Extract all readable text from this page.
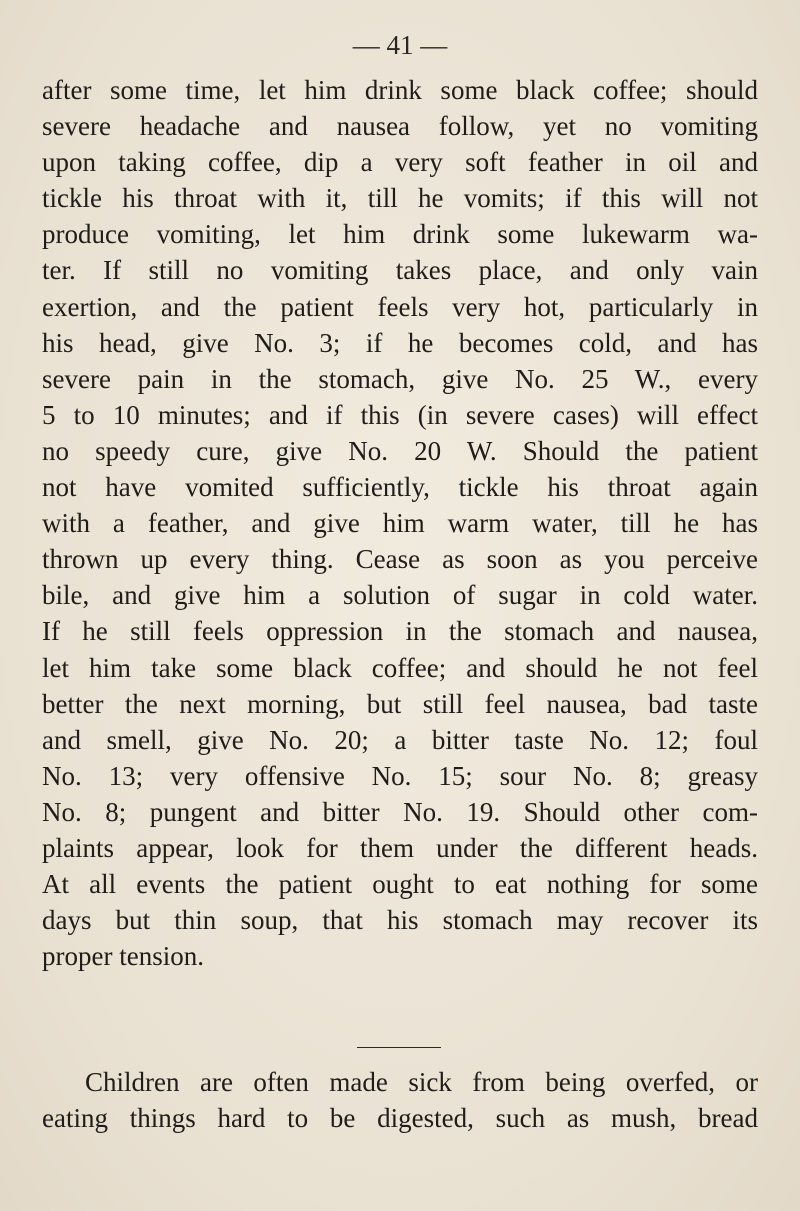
— 41 —
after some time, let him drink some black coffee; should
severe headache and nausea follow, yet no vomiting
upon taking coffee, dip a very soft feather in oil and
tickle his throat with it, till he vomits; if this will not
produce vomiting, let him drink some lukewarm wa-
ter. If still no vomiting takes place, and only vain
exertion, and the patient feels very hot, particularly in
his head, give No. 3; if he becomes cold, and has
severe pain in the stomach, give No. 25 W., every
5 to 10 minutes; and if this (in severe cases) will effect
no speedy cure, give No. 20 W. Should the patient
not have vomited sufficiently, tickle his throat again
with a feather, and give him warm water, till he has
thrown up every thing. Cease as soon as you perceive
bile, and give him a solution of sugar in cold water.
If he still feels oppression in the stomach and nausea,
let him take some black coffee; and should he not feel
better the next morning, but still feel nausea, bad taste
and smell, give No. 20; a bitter taste No. 12; foul
No. 13; very offensive No. 15; sour No. 8; greasy
No. 8; pungent and bitter No. 19. Should other com-
plaints appear, look for them under the different heads.
At all events the patient ought to eat nothing for some
days but thin soup, that his stomach may recover its
proper tension.
Children are often made sick from being overfed, or
eating things hard to be digested, such as mush, bread
